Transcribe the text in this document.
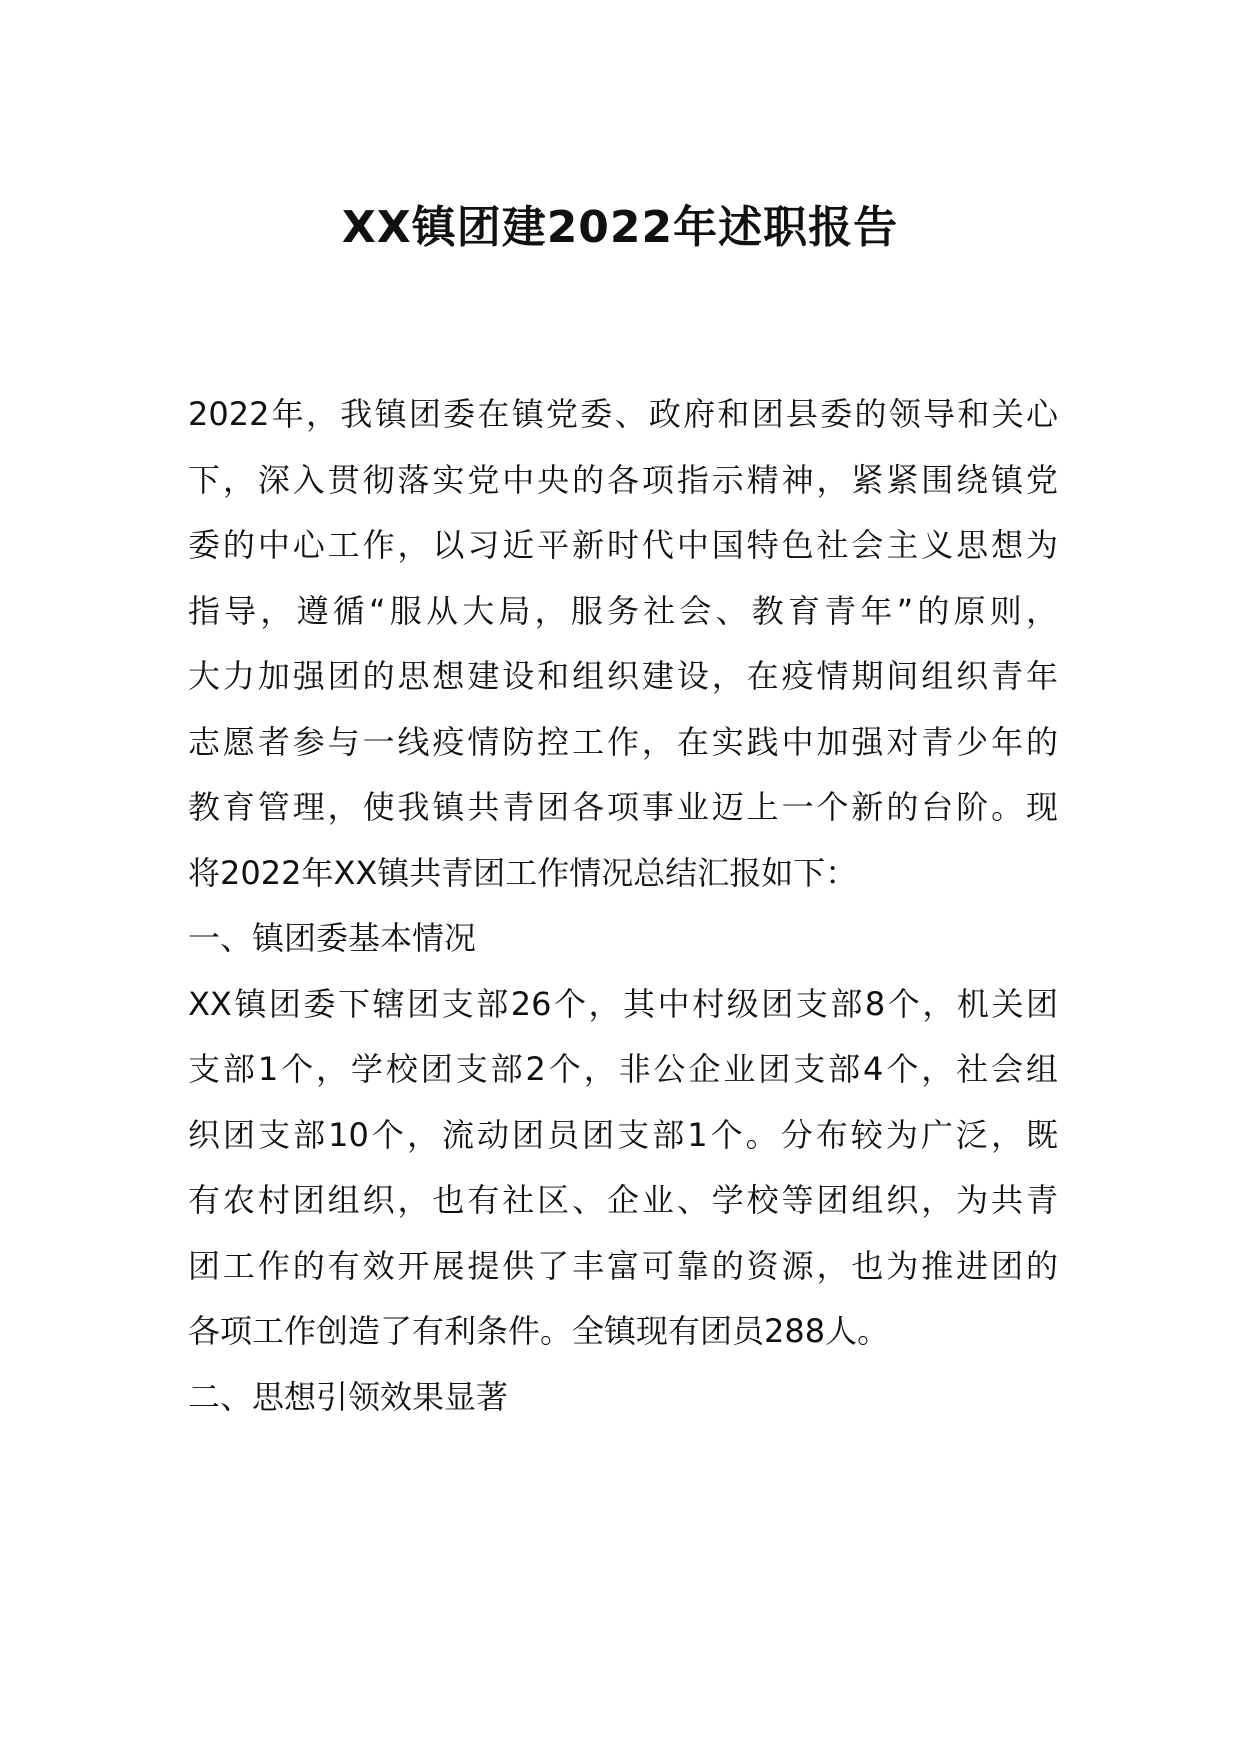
XX镇团建2022年述职报告
2022年，我镇团委在镇党委、政府和团县委的领导和关心
下，深入贯彻落实党中央的各项指示精神，紧紧围绕镇党
委的中心工作，以习近平新时代中国特色社会主义思想为
指导，遵循“服从大局，服务社会、教育青年”的原则，
大力加强团的思想建设和组织建设，在疫情期间组织青年
志愿者参与一线疫情防控工作，在实践中加强对青少年的
教育管理，使我镇共青团各项事业迈上一个新的台阶。现
将2022年XX镇共青团工作情况总结汇报如下：
一、镇团委基本情况
XX镇团委下辖团支部26个，其中村级团支部8个，机关团
支部1个，学校团支部2个，非公企业团支部4个，社会组
织团支部10个，流动团员团支部1个。分布较为广泛，既
有农村团组织，也有社区、企业、学校等团组织，为共青
团工作的有效开展提供了丰富可靠的资源，也为推进团的
各项工作创造了有利条件。全镇现有团员288人。
二、思想引领效果显著
